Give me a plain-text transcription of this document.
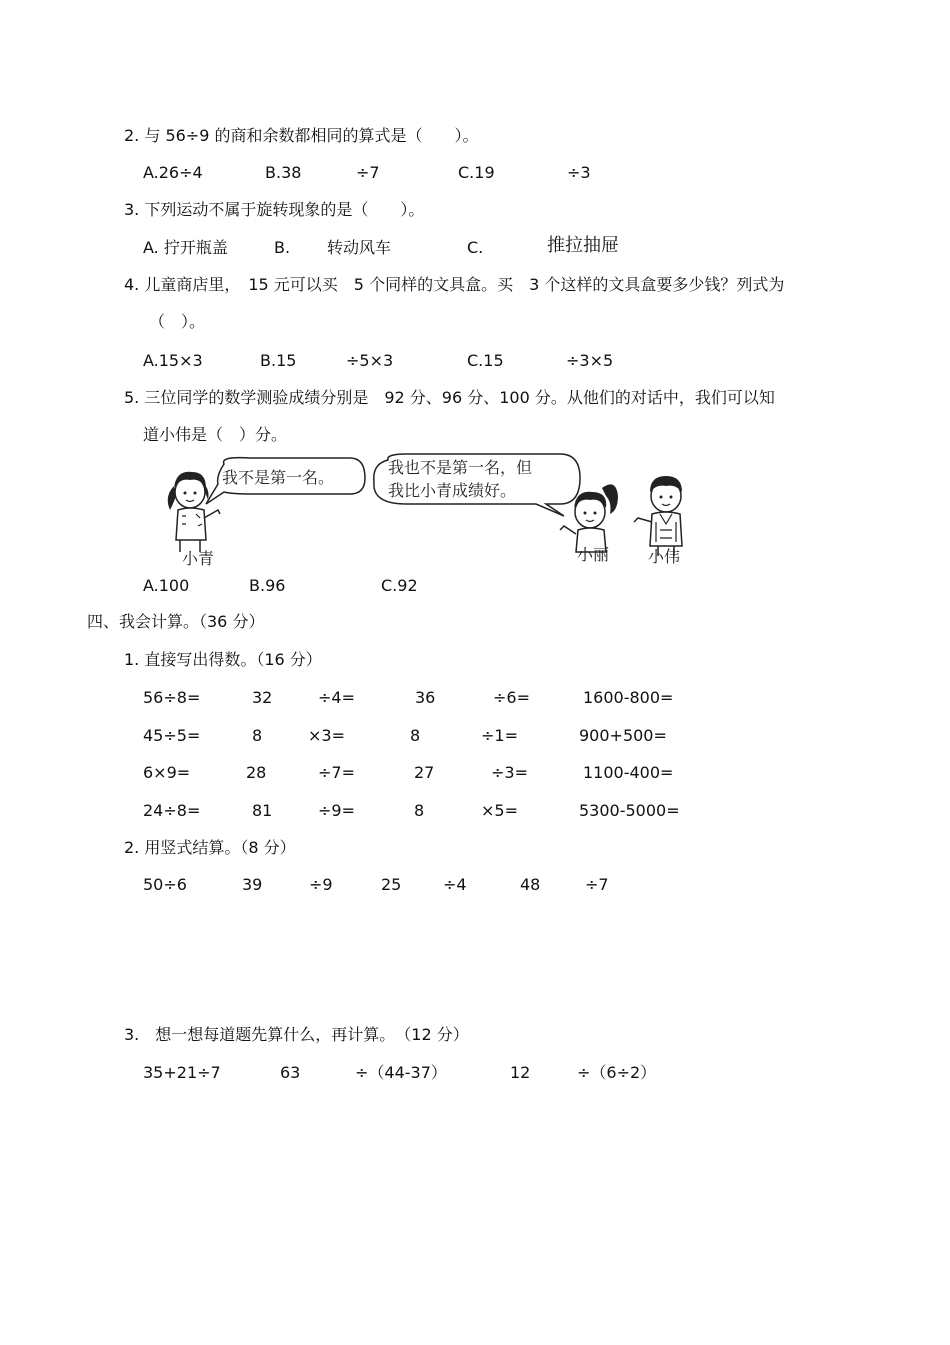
2. 与 56÷9 的商和余数都相同的算式是（　　）。
A.26÷4	B.38	÷7	C.19	÷3
3. 下列运动不属于旋转现象的是（　　）。
A. 拧开瓶盖	B. 转动风车	C.	推拉抽屉
4. 儿童商店里，　15 元可以买　5 个同样的文具盒。买　3 个这样的文具盒要多少钱？列式为
（　）。
A.15×3	B.15	÷5×3	C.15	÷3×5
5. 三位同学的数学测验成绩分别是　92 分、96 分、100 分。从他们的对话中，我们可以知
道小伟是（　）分。
我不是第一名。
我也不是第一名，但
我比小青成绩好。
小青	小丽 小伟
A.100	B.96	C.92
四、我会计算。（36 分）
1. 直接写出得数。（16 分）
56÷8=	32	÷4=	36	÷6=	1600-800=
45÷5=	8	×3=	8	÷1=	900+500=
6×9=	28	÷7=	27	÷3=	1100-400=
24÷8=	81	÷9=	8	×5=	5300-5000=
2. 用竖式结算。（8 分）
50÷6	39	÷9	25	÷4	48	÷7
3.　想一想每道题先算什么，再计算。　（12 分）
35+21÷7	63	÷（44-37）	12	÷（6÷2）
